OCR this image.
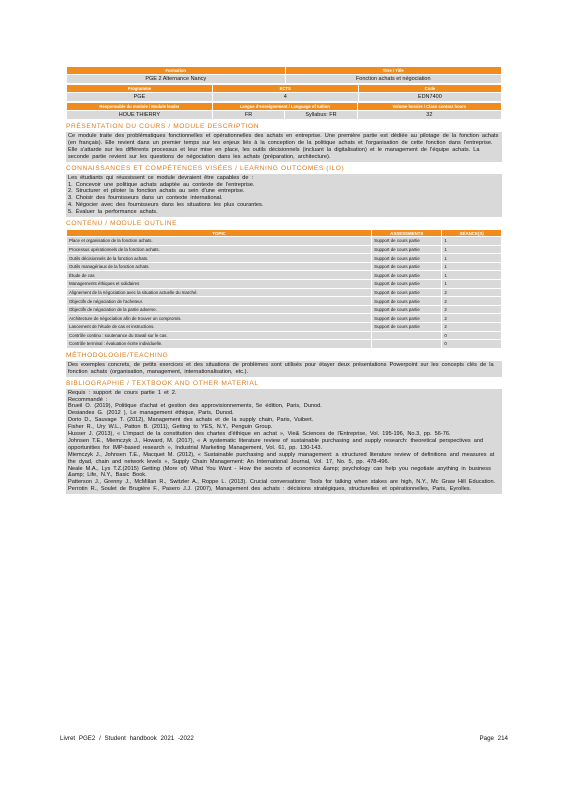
Formation	Titre / Title
PGE 2 Alternance Nancy	Fonction achats et négociation
Programme	ECTS	Code
PGE	4	EDN7400
Responsable du module / Module leader	Langue d'enseignement / Language of tuition		Volume horaire / Class contact hours
HOUE THIERRY	FR	Syllabus: FR	32
PRÉSENTATION DU COURS / MODULE DESCRIPTION
Ce module traite des problématiques fonctionnelles et opérationnelles des achats en entreprise. Une première partie est dédiée au pilotage de la fonction achats (en français). Elle revient dans un premier temps sur les enjeux liés à la conception de la politique achats et l'organisation de cette fonction dans l'entreprise. Elle s'attarde sur les différents processus et leur mise en place, les outils décisionnels (incluant la digitalisation) et le management de l'équipe achats. La seconde partie revient sur les questions de négociation dans les achats (préparation, architecture).
CONNAISSANCES ET COMPÉTENCES VISÉES / LEARNING OUTCOMES (ILO)
Les étudiants qui réussissent ce module devraient être capables de :
1. Concevoir une politique achats adaptée au contexte de l'entreprise.
2. Structurer et piloter la fonction achats au sein d'une entreprise.
3. Choisir des fournisseurs dans un contexte international.
4. Négocier avec des fournisseurs dans les situations les plus courantes.
5. Évaluer la performance achats.
CONTENU / MODULE OUTLINE
TOPIC	ASSESSMENTS	SÉANCE(S)
Place et organisation de la fonction achats.	Support de cours partie	1
Processus opérationnels de la fonction achats.	Support de cours partie	1
Outils décisionnels de la fonction achats.	Support de cours partie	1
Outils managériaux de la fonction achats.	Support de cours partie	1
Étude de cas	Support de cours partie	1
Managements éthiques et solidaires	Support de cours partie	1
Alignement de la négociation avec la situation actuelle du marché.	Support de cours partie	2
Objectifs de négociation de l'acheteur.	Support de cours partie	2
Objectifs de négociation de la partie adverse.	Support de cours partie	2
Architecture de négociation afin de trouver un compromis.	Support de cours partie	2
Lancement de l'étude de cas et instructions.	Support de cours partie	2
Contrôle continu : soutenance du travail sur le cas.		0
Contrôle terminal : évaluation écrite individuelle.		0
MÉTHODOLOGIE/TEACHING
Des exemples concrets, de petits exercices et des situations de problèmes sont utilisés pour étayer deux présentations Powerpoint sur les concepts clés de la fonction achats (organisation, management, internationalisation, etc.).
BIBLIOGRAPHIE / TEXTBOOK AND OTHER MATERIAL
Requis : support de cours partie 1 et 2.
Recommandé :
Brueil O. (2019), Politique d'achat et gestion des approvisionnements, 5e édition, Paris, Dunod.
Desiandes G. (2012 ), Le management éthique, Paris, Dunod.
Dorio D., Sauvage T. (2012), Management des achats et de la supply chain, Paris, Vuibert.
Fisher R., Ury W.L., Patton B. (2011), Getting to YES, N.Y., Penguin Group.
Husser J. (2013), « L'impact de la constitution des chartes d'éthique en achat », Vie& Sciences de l'Entreprise, Vol. 195-196, No.3, pp. 56-76.
Johnsen T.E., Miemczyk J., Howard, M. (2017), « A systematic literature review of sustainable purchasing and supply research: theoretical perspectives and opportunities for IMP-based research », Industrial Marketing Management, Vol. 61, pp. 130-143.
Miemczyk J., Johnsen T.E., Macquet M. (2012), « Sustainable purchasing and supply management: a structured literature review of definitions and measures at the dyad, chain and network levels », Supply Chain Management: An International Journal, Vol. 17, No. 5, pp. 478-496.
Neale M.A., Lys T.Z.(2015) Getting (More of) What You Want - How the secrets of economics &amp; psychology can help you negotiate anything in business &amp; Life, N.Y., Basic Book.
Patterson J., Grenny J., McMillan R., Switzler A., Roppe L. (2013). Crucial conversations: Tools for talking when stakes are high, N.Y., Mc Graw Hill Education.
Perrotin R., Soulet de Brugière F., Pasero J.J. (2007), Management des achats : décisions stratégiques, structurelles et opérationnelles, Paris, Eyrolles.
Livret PGE2 / Student handbook 2021 -2022	Page 214
